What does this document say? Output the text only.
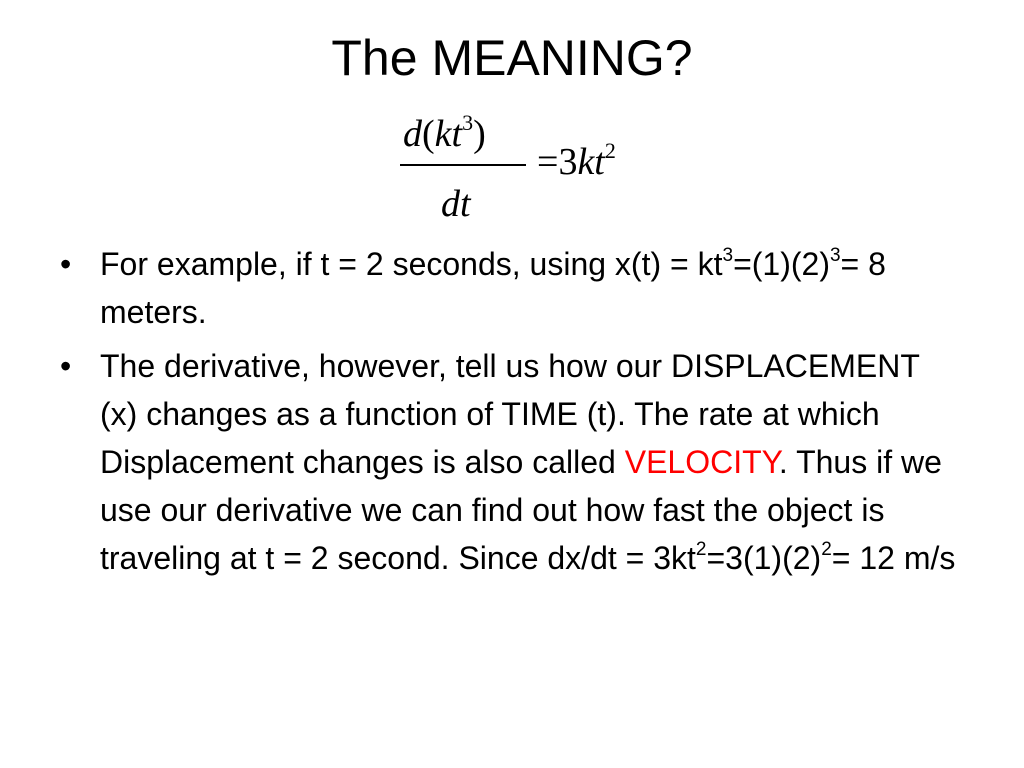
The MEANING?
$d(kt^3)$
dt
$=3kt^2$
• For example, if t = 2 seconds, using $x(t) = kt^3=(1)(2)^3= 8$ meters.
• The derivative, however, tell us how our DISPLACEMENT (x) changes as a function of TIME (t). The rate at which Displacement changes is also called VELOCITY. Thus if we use our derivative we can find out how fast the object is traveling at t = 2 second. Since $dx/dt = 3kt^2=3(1)(2)^2= 12$ m/s
